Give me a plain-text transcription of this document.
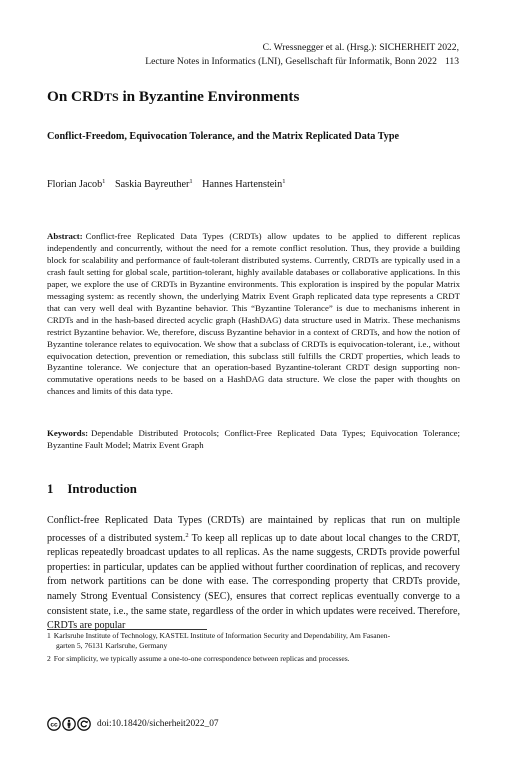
C. Wressnegger et al. (Hrsg.): SICHERHEIT 2022,
Lecture Notes in Informatics (LNI), Gesellschaft für Informatik, Bonn 2022 113
On CRDTS in Byzantine Environments
Conflict-Freedom, Equivocation Tolerance, and the Matrix Replicated Data Type
Florian Jacob$^1$ Saskia Bayreuther$^1$ Hannes Hartenstein$^1$
Abstract: Conflict-free Replicated Data Types (CRDTs) allow updates to be applied to different replicas independently and concurrently, without the need for a remote conflict resolution. Thus, they provide a building block for scalability and performance of fault-tolerant distributed systems. Currently, CRDTs are typically used in a crash fault setting for global scale, partition-tolerant, highly available databases or collaborative applications. In this paper, we explore the use of CRDTs in Byzantine environments. This exploration is inspired by the popular Matrix messaging system: as recently shown, the underlying Matrix Event Graph replicated data type represents a CRDT that can very well deal with Byzantine behavior. This “Byzantine Tolerance” is due to mechanisms inherent in CRDTs and in the hash-based directed acyclic graph (HashDAG) data structure used in Matrix. These mechanisms restrict Byzantine behavior. We, therefore, discuss Byzantine behavior in a context of CRDTs, and how the notion of Byzantine tolerance relates to equivocation. We show that a subclass of CRDTs is equivocation-tolerant, i.e., without equivocation detection, prevention or remediation, this subclass still fulfills the CRDT properties, which leads to Byzantine tolerance. We conjecture that an operation-based Byzantine-tolerant CRDT design supporting non-commutative operations needs to be based on a HashDAG data structure. We close the paper with thoughts on chances and limits of this data type.
Keywords: Dependable Distributed Protocols; Conflict-Free Replicated Data Types; Equivocation Tolerance; Byzantine Fault Model; Matrix Event Graph
1 Introduction
Conflict-free Replicated Data Types (CRDTs) are maintained by replicas that run on multiple processes of a distributed system.$^2$ To keep all replicas up to date about local changes to the CRDT, replicas repeatedly broadcast updates to all replicas. As the name suggests, CRDTs provide powerful properties: in particular, updates can be applied without further coordination of replicas, and recovery from network partitions can be done with ease. The corresponding property that CRDTs provide, namely Strong Eventual Consistency (SEC), ensures that correct replicas eventually converge to a consistent state, i.e., the same state, regardless of the order in which updates were received. Therefore, CRDTs are popular
1 Karlsruhe Institute of Technology, KASTEL Institute of Information Security and Dependability, Am Fasanen-
garten 5, 76131 Karlsruhe, Germany
2 For simplicity, we typically assume a one-to-one correspondence between replicas and processes.
cc	doi:10.18420/sicherheit2022_07
